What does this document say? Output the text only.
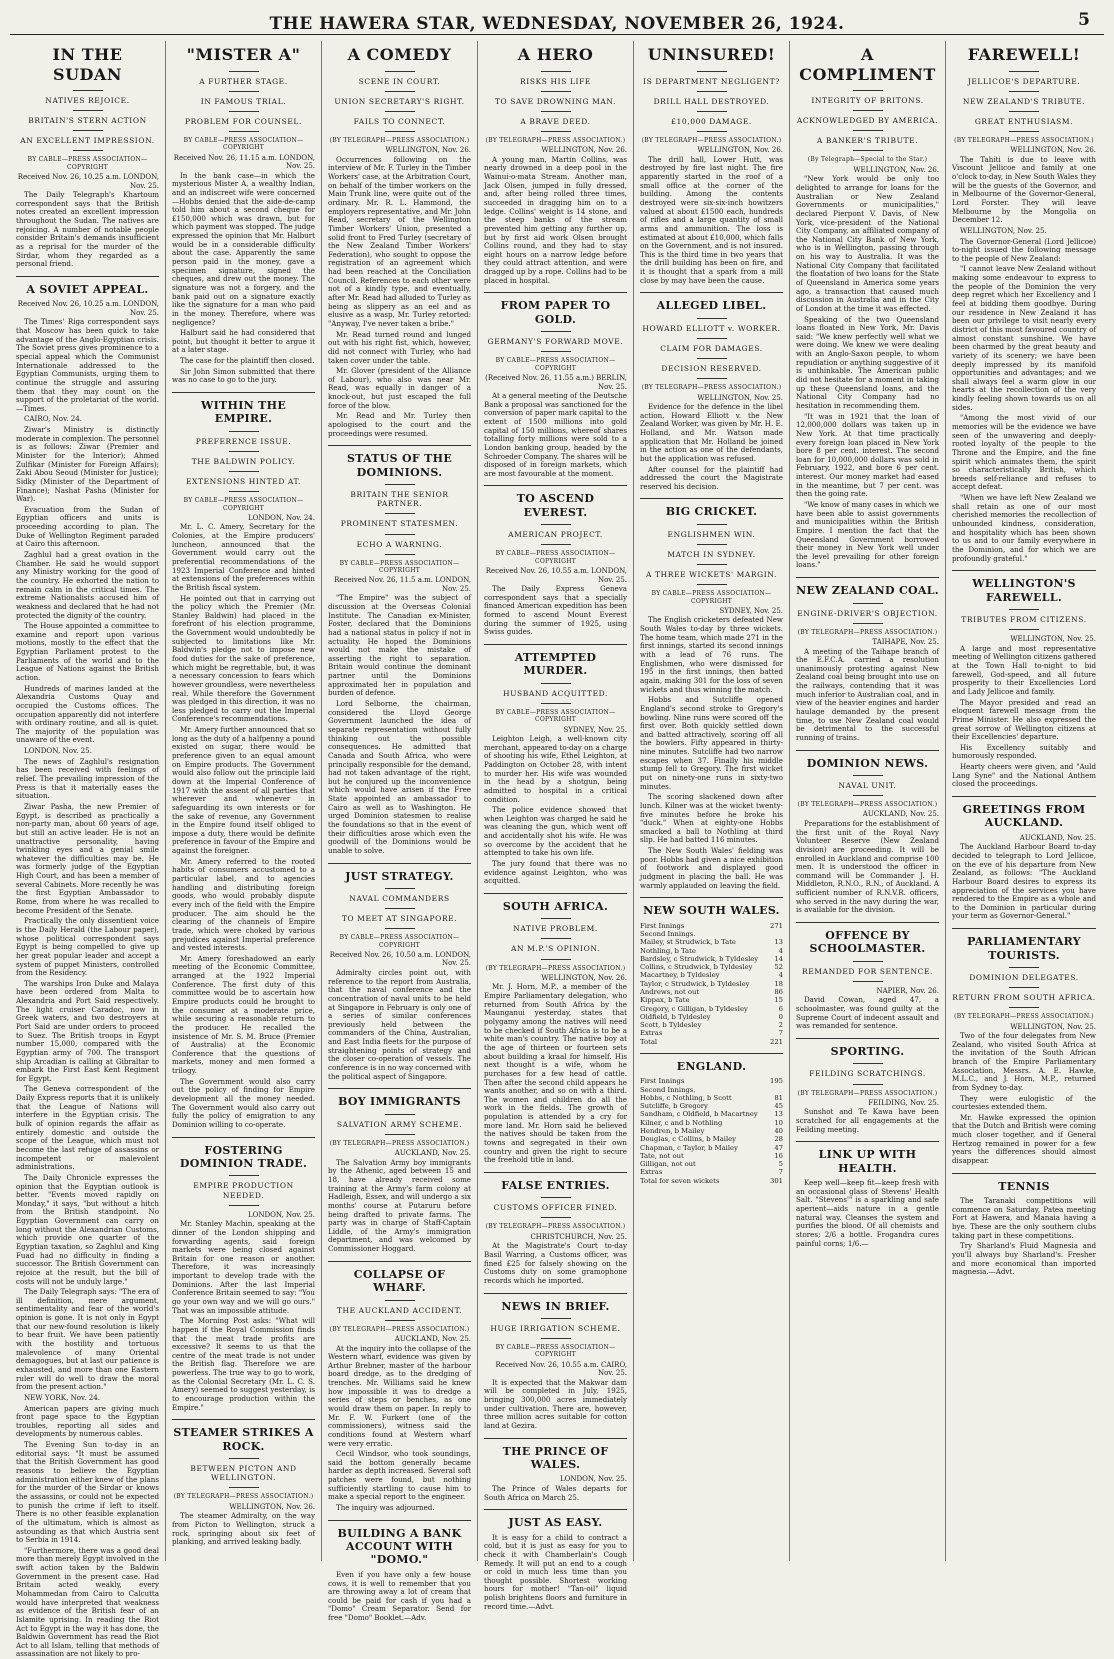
THE HAWERA STAR, WEDNESDAY, NOVEMBER 26, 1924.	5
IN THE SUDAN
NATIVES REJOICE.
BRITAIN'S STERN ACTION
AN EXCELLENT IMPRESSION.
BY CABLE—PRESS ASSOCIATION—COPYRIGHT
Received Nov. 26, 10.25 a.m. LONDON, Nov. 25.

The Daily Telegraph's Khartoum correspondent says that the British notes created an excellent impression throughout the Sudan. The natives are rejoicing. A number of notable people consider Britain's demands insufficient as a reprisal for the murder of the Sirdar, whom they regarded as a personal friend.

A SOVIET APPEAL.
Received Nov. 26, 10.25 a.m. LONDON, Nov. 25.

The Times' Riga correspondent says that Moscow has been quick to take advantage of the Anglo-Egyptian crisis. The Soviet press gives prominence to a special appeal which the Communist Internationale addressed to the Egyptian Communists, urging them to continue the struggle and assuring them that they may count on the support of the proletariat of the world.—Times.

CAIRO, Nov. 24.

Ziwar's Ministry is distinctly moderate in complexion. The personnel is as follows: Ziwar (Premier and Minister for the Interior); Ahmed Zulfikar (Minister for Foreign Affairs); Zaki Abou Seoud (Minister for Justice); Sidky (Minister of the Department of Finance); Nashat Pasha (Minister for War).

Evacuation from the Sudan of Egyptian officers and units is proceeding according to plan. The Duke of Wellington Regiment paraded at Cairo this afternoon.

Zaghlul had a great ovation in the Chamber. He said he would support any Ministry working for the good of the country. He exhorted the nation to remain calm in the critical times. The extreme Nationalists accused him of weakness and declared that he had not protected the dignity of the country.

The House appointed a committee to examine and report upon various motions, mostly to the effect that the Egyptian Parliament protest to the Parliaments of the world and to the League of Nations against the British action.

Hundreds of marines landed at the Alexandria Customs Quay and occupied the Customs offices. The occupation apparently did not interfere with ordinary routine, and all is quiet. The majority of the population was unaware of the event.

LONDON, Nov. 25.

The news of Zaghlul's resignation has been received with feelings of relief. The prevailing impression of the Press is that it materially eases the situation.

Ziwar Pasha, the new Premier of Egypt, is described as practically a non-party man, about 60 years of age, but still an active leader. He is not an unattractive personality, having twinkling eyes and a genial smile whatever the difficulties may be. He was formerly judge of the Egyptian High Court, and has been a member of several Cabinets. More recently he was the first Egyptian Ambassador to Rome, from where he was recalled to become President of the Senate.

Practically the only dissentient voice is the Daily Herald (the Labour paper), whose political correspondent says Egypt is being compelled to give up her great popular leader and accept a system of puppet Ministers, controlled from the Residency.

The warships Iron Duke and Malaya have been ordered from Malta to Alexandria and Port Said respectively. The light cruiser Caradoc, now in Greek waters, and two destroyers at Port Said are under orders to proceed to Suez. The British troops in Egypt number 15,000, compared with the Egyptian army of 700. The transport ship Arcadian is calling at Gibraltar to embark the First East Kent Regiment for Egypt.

The Geneva correspondent of the Daily Express reports that it is unlikely that the League of Nations will interfere in the Egyptian crisis. The bulk of opinion regards the affair as entirely domestic and outside the scope of the League, which must not become the last refuge of assassins or incompetent or malevolent administrations.

The Daily Chronicle expresses the opinion that the Egyptian outlook is better. "Events moved rapidly on Monday," it says, "but without a hitch from the British standpoint. No Egyptian Government can carry on long without the Alexandrian Customs, which provide one quarter of the Egyptian taxation, so Zaghlul and King Fuad had no difficulty in finding a successor. The British Government can rejoice at the result, but the bill of costs will not be unduly large."

The Daily Telegraph says: "The era of ill definition, mere argument, sentimentality and fear of the world's opinion is gone. It is not only in Egypt that our new-found resolution is likely to bear fruit. We have been patiently with the hostility and tortuous malevolence of many Oriental demagogues, but at last our patience is exhausted, and more than one Eastern ruler will do well to draw the moral from the present action."

NEW YORK, Nov. 24.

American papers are giving much front page space to the Egyptian troubles, reporting all sides and developments by numerous cables.

The Evening Sun to-day in an editorial says: "It must be assumed that the British Government has good reasons to believe the Egyptian administration either knew of the plans for the murder of the Sirdar or knows the assassins, or could not be expected to punish the crime if left to itself. There is no other feasible explanation of the ultimatum, which is almost as astounding as that which Austria sent to Serbia in 1914.

"Furthermore, there was a good deal more than merely Egypt involved in the swift action taken by the Baldwin Government in the present case. Had Britain acted weakly, every Mohammedan from Cairo to Calcutta would have interpreted that weakness as evidence of the British fear of an Islamite uprising. In reading the Riot Act to Egypt in the way it has done, the Baldwin Government has read the Riot Act to all Islam, telling that methods of assassination are not likely to pro-

"MISTER A"
A FURTHER STAGE.
IN FAMOUS TRIAL.
PROBLEM FOR COUNSEL.
BY CABLE—PRESS ASSOCIATION—COPYRIGHT
Received Nov. 26, 11.15 a.m. LONDON, Nov. 25.

In the bank case—in which the mysterious Mister A, a wealthy Indian, and an indiscreet wife were concerned—Hobbs denied that the aide-de-camp told him about a second cheque for £150,000 which was drawn, but for which payment was stopped. The judge expressed the opinion that Mr. Halburt would be in a considerable difficulty about the case. Apparently the same person paid in the money, gave a specimen signature, signed the cheques, and drew out the money. The signature was not a forgery, and the bank paid out on a signature exactly like the signature for a man who paid in the money. Therefore, where was negligence?

Halburt said he had considered that point, but thought it better to argue it at a later stage.

The case for the plaintiff then closed.

Sir John Simon submitted that there was no case to go to the jury.

WITHIN THE EMPIRE.
PREFERENCE ISSUE.
THE BALDWIN POLICY.
EXTENSIONS HINTED AT.
BY CABLE—PRESS ASSOCIATION—COPYRIGHT
LONDON, Nov. 24.

Mr. L. C. Amery, Secretary for the Colonies, at the Empire producers' luncheon, announced that the Government would carry out the preferential recommendations of the 1923 Imperial Conference and hinted at extensions of the preferences within the British fiscal system.

He pointed out that in carrying out the policy which the Premier (Mr. Stanley Baldwin) had placed in the forefront of his election programme, the Government would undoubtedly be subjected to limitations like Mr. Baldwin's pledge not to impose new food duties for the sake of preference, which might be regrettable, but, it was a necessary concession to fears which however groundless, were nevertheless real. While therefore the Government was pledged in this direction, it was no less pledged to carry out the Imperial Conference's recommendations.

Mr. Amery further announced that so long as the duty of a halfpenny a pound existed on sugar, there would be preference given to an equal amount on Empire products. The Government would also follow out the principle laid down at the Imperial Conference of 1917 with the assent of all parties that wherever and whenever in safeguarding its own interests or for the sake of revenue, any Government in the Empire found itself obliged to impose a duty, there would be definite preference in favour of the Empire and against the foreigner.

Mr. Amery referred to the rooted habits of consumers accustomed to a particular label, and to agencies handling and distributing foreign goods, who would probably dispute every inch of the field with the Empire producer. The aim should be the clearing of the channels of Empire trade, which were choked by various prejudices against Imperial preference and vested interests.

Mr. Amery foreshadowed an early meeting of the Economic Committee, arranged at the 1922 Imperial Conference. The first duty of this committee would be to ascertain how Empire products could be brought to the consumer at a moderate price, while securing a reasonable return to the producer. He recalled the insistence of Mr. S. M. Bruce (Premier of Australia) at the Economic Conference that the questions of markets, money and men formed a trilogy.

The Government would also carry out the policy of finding for Empire development all the money needed. The Government would also carry out fully the policy of emigration to any Dominion willing to co-operate.

FOSTERING DOMINION TRADE.
EMPIRE PRODUCTION NEEDED.
LONDON, Nov. 25.

Mr. Stanley Machin, speaking at the dinner of the London shipping and forwarding agents, said foreign markets were being closed against Britain for one reason or another. Therefore, it was increasingly important to develop trade with the Dominions. After the last Imperial Conference Britain seemed to say: "You go your own way and we will go ours." That was an impossible attitude.

The Morning Post asks: "What will happen if the Royal Commission finds that the meat trade profits are excessive? It seems to us that the centre of the meat trade is not under the British flag. Therefore we are powerless. The true way to go to work, as the Colonial Secretary (Mr. L. C. S. Amery) seemed to suggest yesterday, is to encourage production within the Empire."

STEAMER STRIKES A ROCK.
BETWEEN PICTON AND WELLINGTON.
(BY TELEGRAPH—PRESS ASSOCIATION.)
WELLINGTON, Nov. 26.

The steamer Admiralty, on the way from Picton to Wellington, struck a rock, springing about six feet of planking, and arrived leaking badly.

A COMEDY
SCENE IN COURT.
UNION SECRETARY'S RIGHT.
FAILS TO CONNECT.
(BY TELEGRAPH—PRESS ASSOCIATION.)
WELLINGTON, Nov. 26.

Occurrences following on the interview of Mr. F. Turley in the Timber Workers' case, at the Arbitration Court, on behalf of the timber workers on the Main Trunk line, were quite out of the ordinary. Mr. R. L. Hammond, the employers representative, and Mr. John Read, secretary of the Wellington Timber Workers' Union, presented a solid front to Fred Turley (secretary of the New Zealand Timber Workers' Federation), who sought to oppose the registration of an agreement which had been reached at the Conciliation Council. References to each other were not of a kindly type, and eventually, after Mr. Read had alluded to Turley as being as slippery as an eel and as elusive as a wasp, Mr. Turley retorted: "Anyway, I've never taken a bribe."

Mr. Read turned round and lunged out with his right fist, which, however, did not connect with Turley, who had taken cover under the table.

Mr. Glover (president of the Alliance of Labour), who also was near Mr. Read, was equally in danger of a knock-out, but just escaped the full force of the blow.

Mr. Read and Mr. Turley then apologised to the court and the proceedings were resumed.

STATUS OF THE DOMINIONS.
BRITAIN THE SENIOR PARTNER.
PROMINENT STATESMEN.
ECHO A WARNING.
BY CABLE—PRESS ASSOCIATION—COPYRIGHT
Received Nov. 26, 11.5 a.m. LONDON, Nov. 25.

"The Empire" was the subject of discussion at the Overseas Colonial Institute. The Canadian ex-Minister, Foster, declared that the Dominions had a national status in policy if not in actuality. He hoped the Dominions would not make the mistake of asserting the right to separation. Britain would continue the dominant partner until the Dominions approximated her in population and burden of defence.

Lord Selborne, the chairman, considered the Lloyd George Government launched the idea of separate representation without fully thinking out the possible consequences. He admitted that Canada and South Africa, who were principally responsible for the demand, had not taken advantage of the right, but he conjured up the inconvenience which would have arisen if the Free State appointed an ambassador to Cairo as well as to Washington. He urged Dominion statesmen to realise the foundations so that in the event of their difficulties arose which even the goodwill of the Dominions would be unable to solve.

JUST STRATEGY.
NAVAL COMMANDERS
TO MEET AT SINGAPORE.
BY CABLE—PRESS ASSOCIATION—COPYRIGHT
Received Nov. 26, 10.50 a.m. LONDON, Nov. 25.

Admiralty circles point out, with reference to the report from Australia, that the naval conference and the concentration of naval units to be held at Singapore in February is only one of a series of similar conferences previously held between the commanders of the China, Australian, and East India fleets for the purpose of straightening points of strategy and the closer co-operation of vessels. The conference is in no way concerned with the political aspect of Singapore.

BOY IMMIGRANTS
SALVATION ARMY SCHEME.
(BY TELEGRAPH—PRESS ASSOCIATION.)
AUCKLAND, Nov. 25.

The Salvation Army boy immigrants by the Athenic, aged between 15 and 18, have already received some training at the Army's farm colony at Hadleigh, Essex, and will undergo a six months' course at Putaruru before being drafted to private farms. The party was in charge of Staff-Captain Liddle, of the Army's immigration department, and was welcomed by Commissioner Hoggard.

COLLAPSE OF WHARF.
THE AUCKLAND ACCIDENT.
(BY TELEGRAPH—PRESS ASSOCIATION.)
AUCKLAND, Nov. 25.

At the inquiry into the collapse of the Western wharf, evidence was given by Arthur Brebner, master of the harbour board dredge, as to the dredging of trenches. Mr. Williams said he knew how impossible it was to dredge a series of steps or benches, as one would draw them on paper. In reply to Mr. F. W. Furkert (one of the commissioners), witness said the conditions found at Western wharf were very erratic.

Cecil Windsor, who took soundings, said the bottom generally became harder as depth increased. Several soft patches were found, but nothing sufficiently startling to cause him to make a special report to the engineer.

The inquiry was adjourned.

BUILDING A BANK ACCOUNT WITH "DOMO."

Even if you have only a few house cows, it is well to remember that you are throwing away a lot of cream that could be paid for cash if you had a "Domo" Cream Separator. Send for free "Domo" Booklet.—Adv.

A HERO
RISKS HIS LIFE
TO SAVE DROWNING MAN.
A BRAVE DEED.
(BY TELEGRAPH—PRESS ASSOCIATION.)
WELLINGTON, Nov. 26.

A young man, Martin Collins, was nearly drowned in a deep pool in the Wainui-o-mata Stream. Another man, Jack Olsen, jumped in fully dressed, and, after being rolled three times, succeeded in dragging him on to a ledge. Collins' weight is 14 stone, and the steep banks of the stream prevented him getting any further up, but by first aid work Olsen brought Collins round, and they had to stay eight hours on a narrow ledge before they could attract attention, and were dragged up by a rope. Collins had to be placed in hospital.

FROM PAPER TO GOLD.
GERMANY'S FORWARD MOVE.
BY CABLE—PRESS ASSOCIATION—COPYRIGHT
(Received Nov. 26, 11.55 a.m.) BERLIN, Nov. 25.

At a general meeting of the Deutsche Bank a proposal was sanctioned for the conversion of paper mark capital to the extent of 1500 millions into gold capital of 150 millions, whereof shares totalling forty millions were sold to a London banking group, headed by the Schroeder Company. The shares will be disposed of in foreign markets, which are most favourable at the moment.

TO ASCEND EVEREST.
AMERICAN PROJECT.
BY CABLE—PRESS ASSOCIATION—COPYRIGHT
Received Nov. 26, 10.55 a.m. LONDON, Nov. 25.

The Daily Express Geneva correspondent says that a specially financed American expedition has been formed to ascend Mount Everest during the summer of 1925, using Swiss guides.

ATTEMPTED MURDER.
HUSBAND ACQUITTED.
BY CABLE—PRESS ASSOCIATION—COPYRIGHT
SYDNEY, Nov. 25.

Leighton Leigh, a well-known city merchant, appeared to-day on a charge of shooting his wife, Ethel Leighton, at Paddington on October 28, with intent to murder her. His wife was wounded in the head by a shotgun, being admitted to hospital in a critical condition.

The police evidence showed that when Leighton was charged he said he was cleaning the gun, which went off and accidentally shot his wife. He was so overcome by the accident that he attempted to take his own life.

The jury found that there was no evidence against Leighton, who was acquitted.

SOUTH AFRICA.
NATIVE PROBLEM.
AN M.P.'S OPINION.
(BY TELEGRAPH—PRESS ASSOCIATION.)
WELLINGTON, Nov. 26.

Mr. J. Horn, M.P., a member of the Empire Parliamentary delegation, who returned from South Africa by the Maunganui yesterday, states that polygamy among the natives will need to be checked if South Africa is to be a white man's country. The native boy at the age of thirteen or fourteen sets about building a kraal for himself. His next thought is a wife, whom he purchases for a few head of cattle. Then after the second child appears he wants another, and so on with a third. The women and children do all the work in the fields. The growth of population is attended by a cry for more land. Mr. Horn said he believed the natives should be taken from the towns and segregated in their own country and given the right to secure the freehold title in land.

FALSE ENTRIES.
CUSTOMS OFFICER FINED.
(BY TELEGRAPH—PRESS ASSOCIATION.)
CHRISTCHURCH, Nov. 25.

At the Magistrate's Court to-day Basil Warring, a Customs officer, was fined £25 for falsely showing on the Customs duty on some gramophone records which he imported.

NEWS IN BRIEF.
HUGE IRRIGATION SCHEME.
BY CABLE—PRESS ASSOCIATION—COPYRIGHT
Received Nov. 26, 10.55 a.m. CAIRO, Nov. 25.

It is expected that the Makwar dam will be completed in July, 1925, bringing 300,000 acres immediately under cultivation. There are, however, three million acres suitable for cotton land at Gezira.

THE PRINCE OF WALES.
LONDON, Nov. 25.

The Prince of Wales departs for South Africa on March 25.

JUST AS EASY.

It is easy for a child to contract a cold, but it is just as easy for you to check it with Chamberlain's Cough Remedy. It will put an end to a cough or cold in much less time than you thought possible. Shortest working hours for mother! "Tan-oil" liquid polish brightens floors and furniture in record time.—Advt.

UNINSURED!
IS DEPARTMENT NEGLIGENT?
DRILL HALL DESTROYED.
£10,000 DAMAGE.
(BY TELEGRAPH—PRESS ASSOCIATION.)
WELLINGTON, Nov. 26.

The drill hall, Lower Hutt, was destroyed by fire last night. The fire apparently started in the roof of a small office at the corner of the building. Among the contents destroyed were six-six-inch howitzers valued at about £1500 each, hundreds of rifles and a large quantity of small arms and ammunition. The loss is estimated at about £10,000, which falls on the Government, and is not insured. This is the third time in two years that the drill building has been on fire, and it is thought that a spark from a mill close by may have been the cause.

ALLEGED LIBEL.
HOWARD ELLIOTT v. WORKER.
CLAIM FOR DAMAGES.
DECISION RESERVED.
(BY TELEGRAPH—PRESS ASSOCIATION.)
WELLINGTON, Nov. 25.

Evidence for the defence in the libel action, Howard Elliott v. the New Zealand Worker, was given by Mr. H. E. Holland, and Mr. Watson made application that Mr. Holland be joined in the action as one of the defendants, but the application was refused.

After counsel for the plaintiff had addressed the court the Magistrate reserved his decision.

BIG CRICKET.
ENGLISHMEN WIN.
MATCH IN SYDNEY.
A THREE WICKETS' MARGIN.
BY CABLE—PRESS ASSOCIATION—COPYRIGHT
SYDNEY, Nov. 25.

The English cricketers defeated New South Wales to-day by three wickets. The home team, which made 271 in the first innings, started its second innings with a lead of 76 runs. The Englishmen, who were dismissed for 195 in the first innings, then batted again, making 301 for the loss of seven wickets and thus winning the match.

Hobbs and Sutcliffe opened England's second stroke to Gregory's bowling. Nine runs were scored off the first over. Both quickly settled down and batted attractively, scoring off all the bowlers. Fifty appeared in thirty-nine minutes. Sutcliffe had two narrow escapes when 37. Finally his middle stump fell to Gregory. The first wicket put on ninety-one runs in sixty-two minutes.

The scoring slackened down after lunch. Kilner was at the wicket twenty-five minutes before he broke his "duck." When at eighty-one Hobbs smacked a ball to Nothling at third slip. He had batted 116 minutes.

The New South Wales' fielding was poor. Hobbs had given a nice exhibition of footwork and displayed good judgment in placing the ball. He was warmly applauded on leaving the field.

NEW SOUTH WALES.
First Innings	271
Second Innings.
Mailey, st Strudwick, b Tate	13
Nothling, b Tate	4
Bardsley, c Strudwick, b Tyldesley 14
Collins, c Strudwick, b Tyldesley	52
Macartney, b Tyldesley	4
Taylor, c Strudwick, b Tyldesley	18
Andrews, not out	86
Kippax, b Tate	15
Gregory, c Gilligan, b Tyldesley	6
Oldfield, b Tyldesley	0
Scott, b Tyldesley	2
Extras	7
Total	221
ENGLAND.
First Innings	195
Second Innings.
Hobbs, c Nothling, b Scott	81
Sutcliffe, b Gregory	45
Sandham, c Oldfield, b Macartney 13
Kilner, c and b Nothling	10
Hendren, b Mailey	40
Douglas, c Collins, b Mailey	28
Chapman, c Taylor, b Mailey	47
Tate, not out	16
Gilligan, not out	5
Extras	7
Total for seven wickets	301
A COMPLIMENT
INTEGRITY OF BRITONS.
ACKNOWLEDGED BY AMERICA.
A BANKER'S TRIBUTE.
(By Telegraph—Special to the Star.)
WELLINGTON, Nov. 26.

"New York would be only too delighted to arrange for loans for the Australian or New Zealand Governments or municipalities," declared Pierpont V. Davis, of New York, vice-president of the National City Company, an affiliated company of the National City Bank of New York, who is in Wellington, passing through on his way to Australia. It was the National City Company that facilitated the floatation of two loans for the State of Queensland in America some years ago, a transaction that caused much discussion in Australia and in the City of London at the time it was effected.

Speaking of the two Queensland loans floated in New York, Mr. Davis said: "We knew perfectly well what we were doing. We knew we were dealing with an Anglo-Saxon people, to whom repudiation or anything suggestive of it is unthinkable. The American public did not hesitate for a moment in taking up these Queensland loans, and the National City Company had no hesitation in recommending them.

"It was in 1921 that the loan of 12,000,000 dollars was taken up in New York. At that time practically every foreign loan placed in New York bore 8 per cent. interest. The second loan for 10,000,000 dollars was sold in February, 1922, and bore 6 per cent. interest. Our money market had eased in the meantime, but 7 per cent. was then the going rate.

"We know of many cases in which we have been able to assist governments and municipalities within the British Empire. I mention the fact that the Queensland Government borrowed their money in New York well under the level prevailing for other foreign loans."

NEW ZEALAND COAL.
ENGINE-DRIVER'S OBJECTION.
(BY TELEGRAPH—PRESS ASSOCIATION.)
TAIHAPE, Nov. 25.

A meeting of the Taihape branch of the E.F.C.A. carried a resolution unanimously protesting against New Zealand coal being brought into use on the railways, contending that it was much inferior to Australian coal, and in view of the heavier engines and harder haulage demanded by the present time, to use New Zealand coal would be detrimental to the successful running of trains.

DOMINION NEWS.
NAVAL UNIT.
(BY TELEGRAPH—PRESS ASSOCIATION.)
AUCKLAND, Nov. 25.

Preparations for the establishment of the first unit of the Royal Navy Volunteer Reserve (New Zealand division) are proceeding. It will be enrolled in Auckland and comprise 100 men. It is understood the officer in command will be Commander J. H. Middleton, R.N.O., R.N., of Auckland. A sufficient number of R.N.V.R. officers, who served in the navy during the war, is available for the division.

OFFENCE BY SCHOOLMASTER.
REMANDED FOR SENTENCE.
NAPIER, Nov. 26.

David Cowan, aged 47, a schoolmaster, was found guilty at the Supreme Court of indecent assault and was remanded for sentence.

SPORTING.
FEILDING SCRATCHINGS.
(BY TELEGRAPH—PRESS ASSOCIATION.)
FEILDING, Nov. 25.

Sunshot and Te Kawa have been scratched for all engagements at the Feilding meeting.

LINK UP WITH HEALTH.

Keep well—keep fit—keep fresh with an occasional glass of Stevens' Health Salt. "Stevens'" is a sparkling and safe aperient—aids nature in a gentle natural way. Cleanses the system and purifies the blood. Of all chemists and stores; 2/6 a bottle. Frogandra cures painful corns; 1/6.—

FAREWELL!
JELLICOE'S DEPARTURE.
NEW ZEALAND'S TRIBUTE.
GREAT ENTHUSIASM.
(BY TELEGRAPH—PRESS ASSOCIATION.)
WELLINGTON, Nov. 26.

The Tahiti is due to leave with Viscount Jellicoe and family at one o'clock to-day, in New South Wales they will be the guests of the Governor, and in Melbourne of the Governor-General, Lord Forster. They will leave Melbourne by the Mongolia on December 12.

WELLINGTON, Nov. 25.

The Governor-General (Lord Jellicoe) to-night issued the following message to the people of New Zealand:

"I cannot leave New Zealand without making some endeavour to express to the people of the Dominion the very deep regret which her Excellency and I feel at bidding them goodbye. During our residence in New Zealand it has been our privilege to visit nearly every district of this most favoured country of almost constant sunshine. We have been charmed by the great beauty and variety of its scenery; we have been deeply impressed by its manifold opportunities and advantages; and we shall always feel a warm glow in our hearts at the recollection of the very kindly feeling shown towards us on all sides.

"Among the most vivid of our memories will be the evidence we have seen of the unwavering and deeply-rooted loyalty of the people to the Throne and the Empire, and the fine spirit which animates them, the spirit so characteristically British, which breeds self-reliance and refuses to accept defeat.

"When we have left New Zealand we shall retain as one of our most cherished memories the recollection of unbounded kindness, consideration, and hospitality which has been shown to us and to our family everywhere in the Dominion, and for which we are profoundly grateful."

WELLINGTON'S FAREWELL.
TRIBUTES FROM CITIZENS.
WELLINGTON, Nov. 25.

A large and most representative meeting of Wellington citizens gathered at the Town Hall to-night to bid farewell, God-speed, and all future prosperity to their Excellencies Lord and Lady Jellicoe and family.

The Mayor presided and read an eloquent farewell message from the Prime Minister. He also expressed the great sorrow of Wellington citizens at their Excellencies' departure.

His Excellency suitably and humorously responded.

Hearty cheers were given, and "Auld Lang Syne" and the National Anthem closed the proceedings.

GREETINGS FROM AUCKLAND.
AUCKLAND, Nov. 25.

The Auckland Harbour Board to-day decided to telegraph to Lord Jellicoe, on the eve of his departure from New Zealand, as follows: "The Auckland Harbour Board desires to express its appreciation of the services you have rendered to the Empire as a whole and to the Dominion in particular during your term as Governor-General."

PARLIAMENTARY TOURISTS.
DOMINION DELEGATES.
RETURN FROM SOUTH AFRICA.
(BY TELEGRAPH—PRESS ASSOCIATION.)
WELLINGTON, Nov. 25.

Two of the four delegates from New Zealand, who visited South Africa at the invitation of the South African branch of the Empire Parliamentary Association, Messrs. A. E. Hawke, M.L.C., and J. Horn, M.P., returned from Sydney to-day.

They were eulogistic of the courtesies extended them.

Mr. Hawke expressed the opinion that the Dutch and British were coming much closer together, and if General Hertzog remained in power for a few years the differences should almost disappear.

TENNIS

The Taranaki competitions will commence on Saturday, Patea meeting Fort at Hawera, and Manaia having a bye. These are the only southern clubs taking part in these competitions.

Try Sharland's Fluid Magnesia and you'll always buy Sharland's. Fresher and more economical than imported magnesia.—Advt.
